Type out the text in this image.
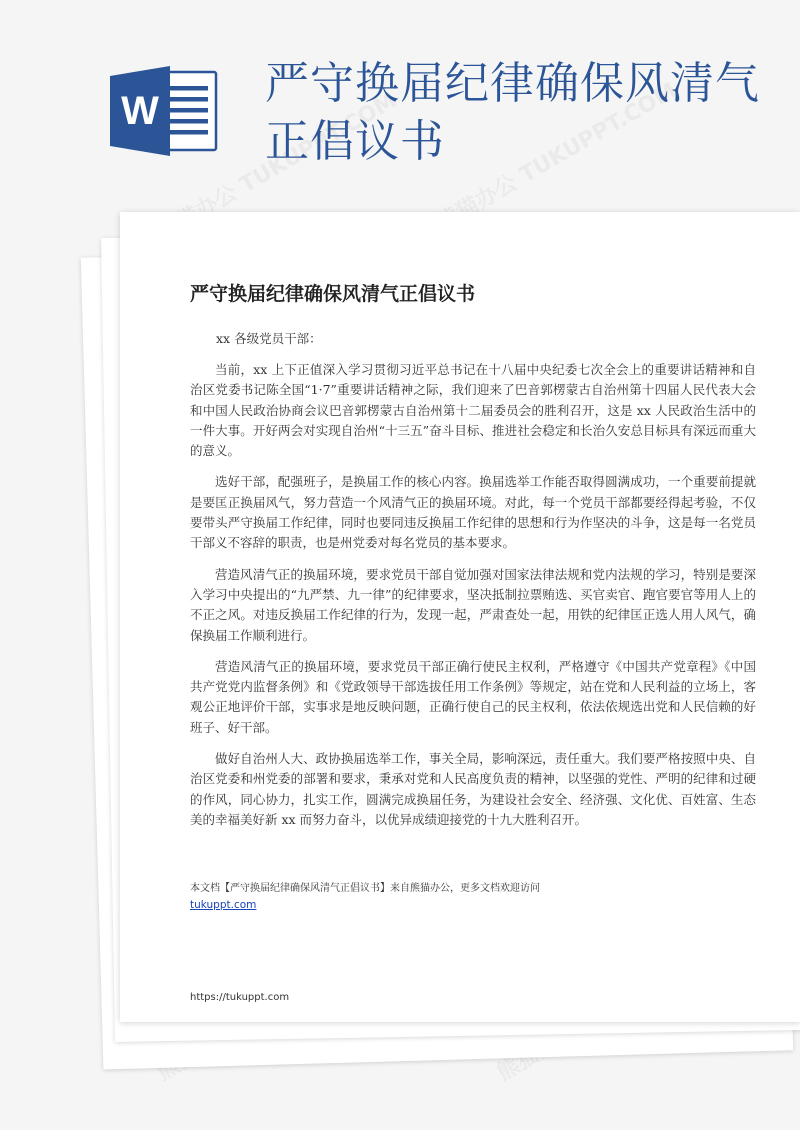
W
严守换届纪律确保风清气正倡议书
严守换届纪律确保风清气正倡议书

xx 各级党员干部：

当前，xx 上下正值深入学习贯彻习近平总书记在十八届中央纪委七次全会上的重要讲话精神和自治区党委书记陈全国“1·7”重要讲话精神之际，我们迎来了巴音郭楞蒙古自治州第十四届人民代表大会和中国人民政治协商会议巴音郭楞蒙古自治州第十二届委员会的胜利召开，这是 xx 人民政治生活中的一件大事。开好两会对实现自治州“十三五”奋斗目标、推进社会稳定和长治久安总目标具有深远而重大的意义。

选好干部，配强班子，是换届工作的核心内容。换届选举工作能否取得圆满成功，一个重要前提就是要匡正换届风气，努力营造一个风清气正的换届环境。对此，每一个党员干部都要经得起考验，不仅要带头严守换届工作纪律，同时也要同违反换届工作纪律的思想和行为作坚决的斗争，这是每一名党员干部义不容辞的职责，也是州党委对每名党员的基本要求。

营造风清气正的换届环境，要求党员干部自觉加强对国家法律法规和党内法规的学习，特别是要深入学习中央提出的“九严禁、九一律”的纪律要求，坚决抵制拉票贿选、买官卖官、跑官要官等用人上的不正之风。对违反换届工作纪律的行为，发现一起，严肃查处一起，用铁的纪律匡正选人用人风气，确保换届工作顺利进行。

营造风清气正的换届环境，要求党员干部正确行使民主权利，严格遵守《中国共产党章程》《中国共产党党内监督条例》和《党政领导干部选拔任用工作条例》等规定，站在党和人民利益的立场上，客观公正地评价干部，实事求是地反映问题，正确行使自己的民主权利，依法依规选出党和人民信赖的好班子、好干部。

做好自治州人大、政协换届选举工作，事关全局，影响深远，责任重大。我们要严格按照中央、自治区党委和州党委的部署和要求，秉承对党和人民高度负责的精神，以坚强的党性、严明的纪律和过硬的作风，同心协力，扎实工作，圆满完成换届任务，为建设社会安全、经济强、文化优、百姓富、生态美的幸福美好新 xx 而努力奋斗，以优异成绩迎接党的十九大胜利召开。

本文档【严守换届纪律确保风清气正倡议书】来自熊猫办公，更多文档欢迎访问
tukuppt.com
https://tukuppt.com
